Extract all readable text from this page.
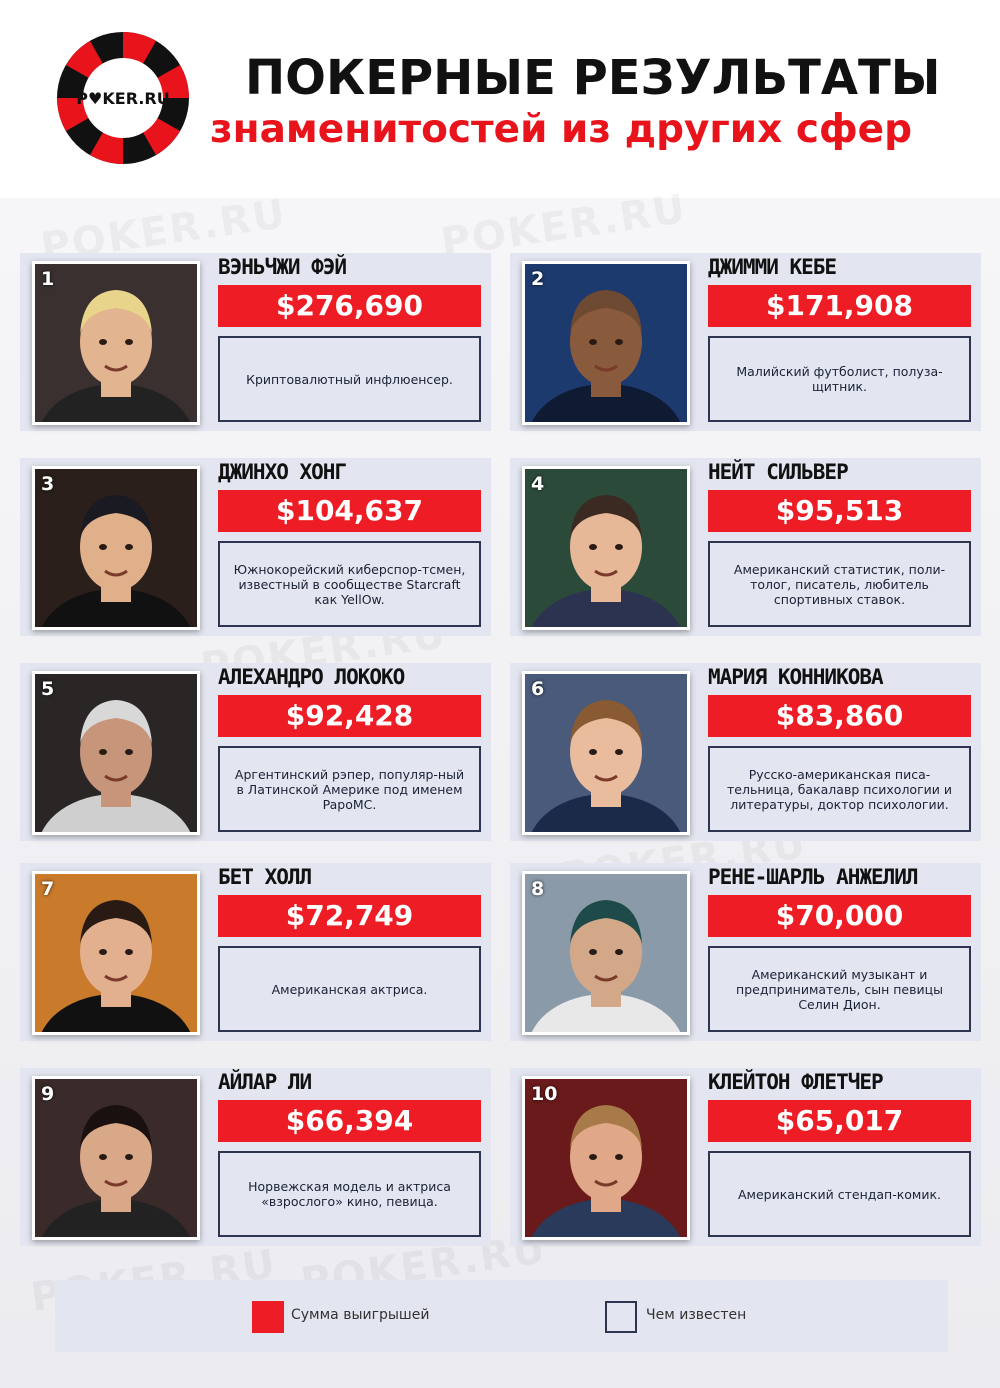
P♥KER.RU ПОКЕРНЫЕ РЕЗУЛЬТАТЫ
знаменитостей из других сфер
1	ВЭНЬЧЖИ ФЭЙ
$276,690
Криптовалютный инфлюенсер.
2	ДЖИММИ КЕБЕ
$171,908
Малийский футболист, полуза-щитник.
3	ДЖИНХО ХОНГ
$104,637
Южнокорейский киберспор-тсмен, известный в сообществе Starcraft как YellOw.
4	НЕЙТ СИЛЬВЕР
$95,513
Американский статистик, поли-толог, писатель, любитель спортивных ставок.
5	АЛЕХАНДРО ЛОКОКО
$92,428
Аргентинский рэпер, популяр-ный в Латинской Америке под именем PapoMC.
6	МАРИЯ КОННИКОВА
$83,860
Русско-американская писа-тельница, бакалавр психологии и литературы, доктор психологии.
7	БЕТ ХОЛЛ
$72,749
Американская актриса.
8	РЕНЕ-ШАРЛЬ АНЖЕЛИЛ
$70,000
Американский музыкант и предприниматель, сын певицы Селин Дион.
9	АЙЛАР ЛИ
$66,394
Норвежская модель и актриса «взрослого» кино, певица.
10	КЛЕЙТОН ФЛЕТЧЕР
$65,017
Американский стендап-комик.
Сумма выигрышей	Чем известен
